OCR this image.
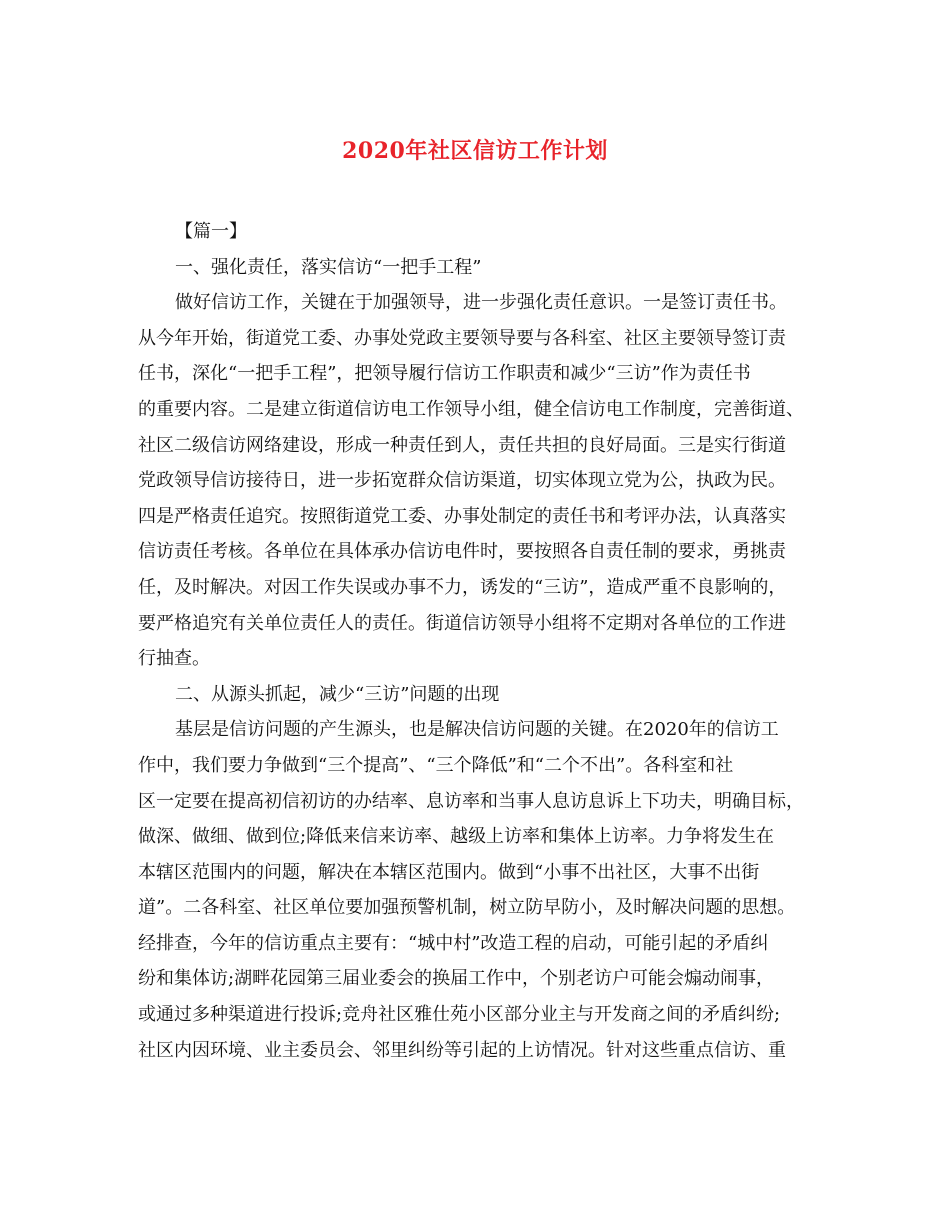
2020年社区信访工作计划
【篇一】
一、强化责任，落实信访“一把手工程”
做好信访工作，关键在于加强领导，进一步强化责任意识。一是签订责任书。
从今年开始，街道党工委、办事处党政主要领导要与各科室、社区主要领导签订责
任书，深化“一把手工程”，把领导履行信访工作职责和减少“三访”作为责任书
的重要内容。二是建立街道信访电工作领导小组，健全信访电工作制度，完善街道、
社区二级信访网络建设，形成一种责任到人，责任共担的良好局面。三是实行街道
党政领导信访接待日，进一步拓宽群众信访渠道，切实体现立党为公，执政为民。
四是严格责任追究。按照街道党工委、办事处制定的责任书和考评办法，认真落实
信访责任考核。各单位在具体承办信访电件时，要按照各自责任制的要求，勇挑责
任，及时解决。对因工作失误或办事不力，诱发的“三访”，造成严重不良影响的，
要严格追究有关单位责任人的责任。街道信访领导小组将不定期对各单位的工作进
行抽查。
二、从源头抓起，减少“三访”问题的出现
基层是信访问题的产生源头，也是解决信访问题的关键。在2020年的信访工
作中，我们要力争做到“三个提高”、“三个降低”和“二个不出”。各科室和社
区一定要在提高初信初访的办结率、息访率和当事人息访息诉上下功夫，明确目标，
做深、做细、做到位;降低来信来访率、越级上访率和集体上访率。力争将发生在
本辖区范围内的问题，解决在本辖区范围内。做到“小事不出社区，大事不出街
道”。二各科室、社区单位要加强预警机制，树立防早防小，及时解决问题的思想。
经排查，今年的信访重点主要有：“城中村”改造工程的启动，可能引起的矛盾纠
纷和集体访;湖畔花园第三届业委会的换届工作中，个别老访户可能会煽动闹事，
或通过多种渠道进行投诉;竞舟社区雅仕苑小区部分业主与开发商之间的矛盾纠纷;
社区内因环境、业主委员会、邻里纠纷等引起的上访情况。针对这些重点信访、重
